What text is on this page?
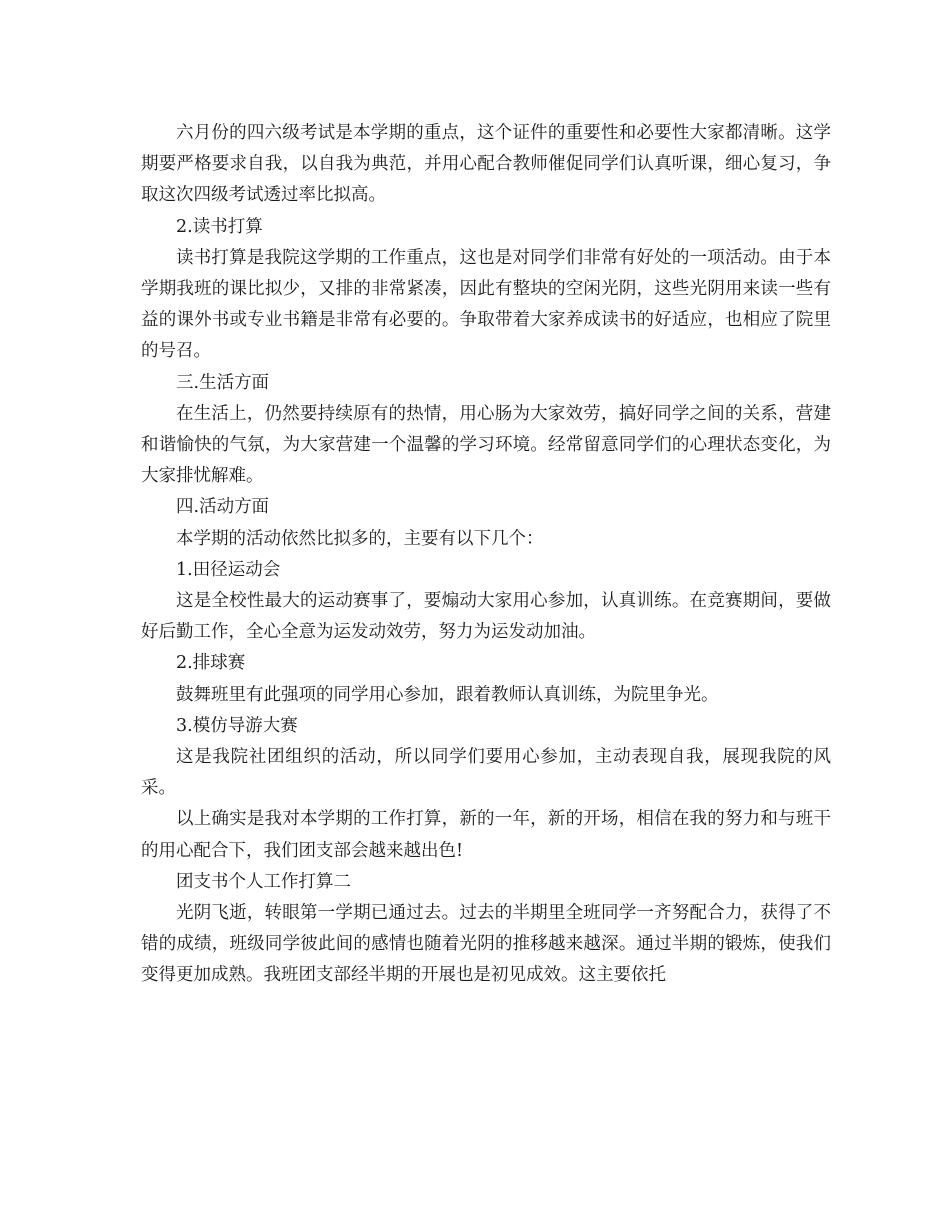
六月份的四六级考试是本学期的重点，这个证件的重要性和必要性大家都清晰。这学期要严格要求自我，以自我为典范，并用心配合教师催促同学们认真听课，细心复习，争取这次四级考试透过率比拟高。

2.读书打算

读书打算是我院这学期的工作重点，这也是对同学们非常有好处的一项活动。由于本学期我班的课比拟少，又排的非常紧凑，因此有整块的空闲光阴，这些光阴用来读一些有益的课外书或专业书籍是非常有必要的。争取带着大家养成读书的好适应，也相应了院里的号召。

三.生活方面

在生活上，仍然要持续原有的热情，用心肠为大家效劳，搞好同学之间的关系，营建和谐愉快的气氛，为大家营建一个温馨的学习环境。经常留意同学们的心理状态变化，为大家排忧解难。

四.活动方面

本学期的活动依然比拟多的，主要有以下几个：

1.田径运动会

这是全校性最大的运动赛事了，要煽动大家用心参加，认真训练。在竞赛期间，要做好后勤工作，全心全意为运发动效劳，努力为运发动加油。

2.排球赛

鼓舞班里有此强项的同学用心参加，跟着教师认真训练，为院里争光。

3.模仿导游大赛

这是我院社团组织的活动，所以同学们要用心参加，主动表现自我，展现我院的风采。

以上确实是我对本学期的工作打算，新的一年，新的开场，相信在我的努力和与班干的用心配合下，我们团支部会越来越出色!

团支书个人工作打算二

光阴飞逝，转眼第一学期已通过去。过去的半期里全班同学一齐努配合力，获得了不错的成绩，班级同学彼此间的感情也随着光阴的推移越来越深。通过半期的锻炼，使我们变得更加成熟。我班团支部经半期的开展也是初见成效。这主要依托
